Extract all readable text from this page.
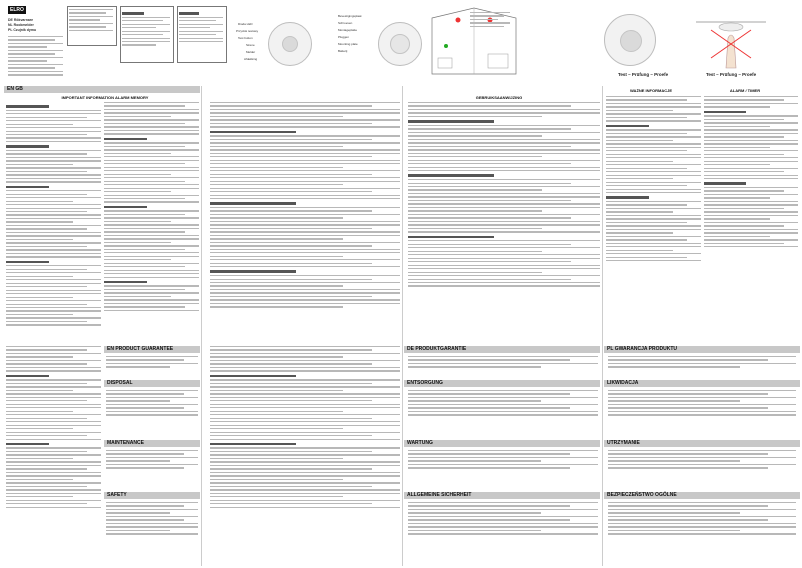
ELRO
DE Rökvarnare
NL Rookmelder
PL Czujnik dymu
Dioda LED
Przycisk testowy
Test button
Sirene
Melder
Afdekking
Bevestigingsplaat
Schroeven
Montageplatte
Pluggen
Mounting plate
Batterij
Test – Prüfung – Proefe	Test – Prüfung – Proefe
EN GB
IMPORTANT INFORMATION ALARM MEMORY	GEBRUIKSAANWIJZING
WAŻNE INFORMACJE	ALARM / TIMER
EN PRODUCT GUARANTEE
DISPOSAL
MAINTENANCE
SAFETY
DE PRODUKTGARANTIE
ENTSORGUNG
WARTUNG
ALLGEMEINE SICHERHEIT
PL GWARANCJA PRODUKTU
LIKWIDACJA
UTRZYMANIE
BEZPIECZEŃSTWO OGÓLNE
